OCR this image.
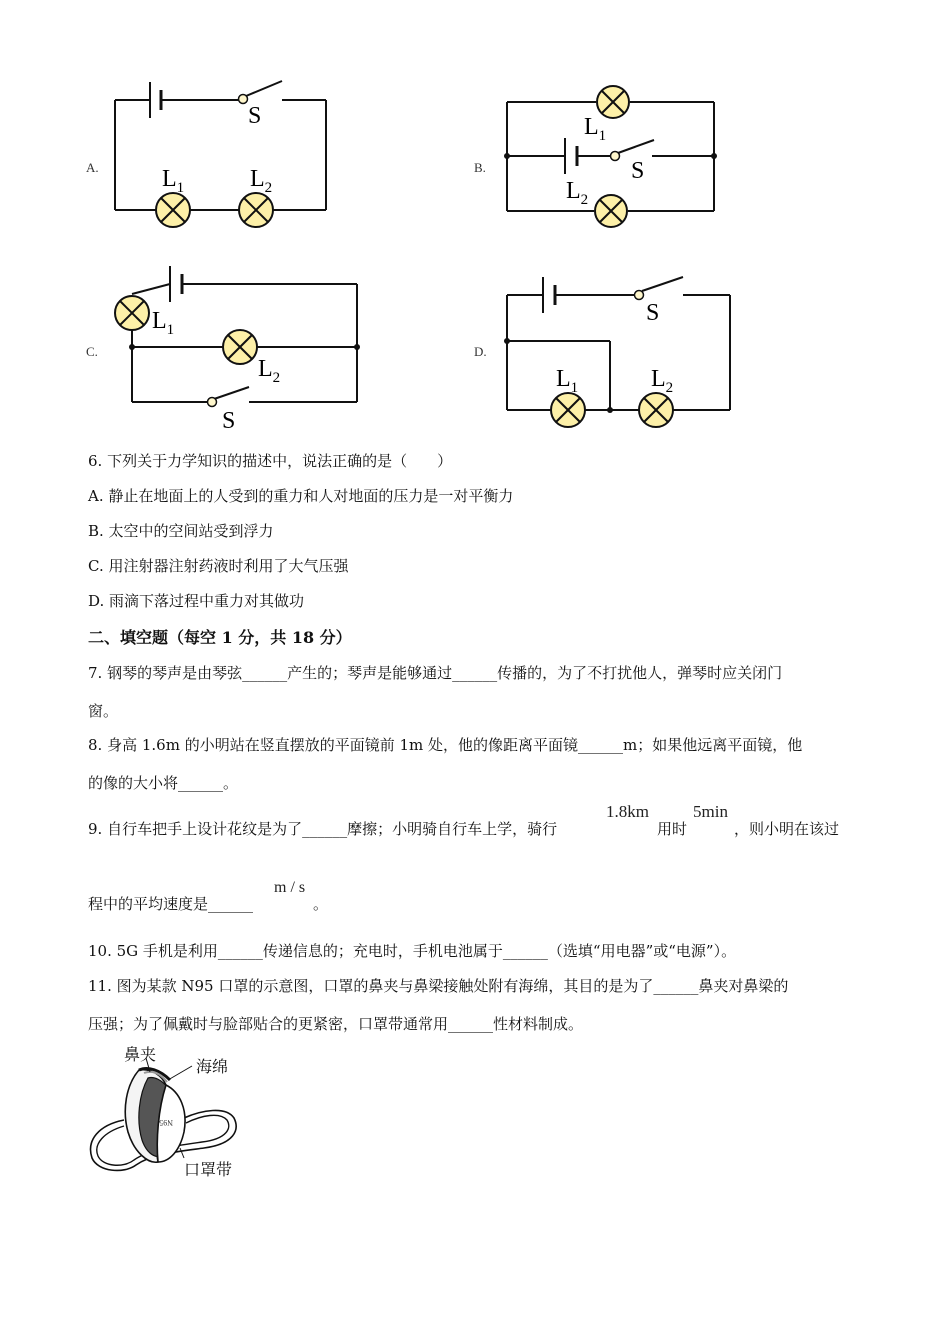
A.
S
$L_1$	$L_2$
B.	S
$L_1$
$L_2$
C.
S
$L_1$
$L_2$
D.
S
$L_1$	$L_2$
6. 下列关于力学知识的描述中，说法正确的是（　　）
A. 静止在地面上的人受到的重力和人对地面的压力是一对平衡力
B. 太空中的空间站受到浮力
C. 用注射器注射药液时利用了大气压强
D. 雨滴下落过程中重力对其做功
二、填空题（每空 1 分，共 18 分）
7. 钢琴的琴声是由琴弦______产生的；琴声是能够通过______传播的，为了不打扰他人，弹琴时应关闭门
窗。
8. 身高 1.6m 的小明站在竖直摆放的平面镜前 1m 处，他的像距离平面镜______m；如果他远离平面镜，他
的像的大小将______。
9. 自行车把手上设计花纹是为了______摩擦；小明骑自行车上学，骑行
1.8km
用时
5min
，则小明在该过
程中的平均速度是______
m / s
。
10. 5G 手机是利用______传递信息的；充电时，手机电池属于______（选填“用电器”或“电源”）。
11. 图为某款 N95 口罩的示意图，口罩的鼻夹与鼻梁接触处附有海绵，其目的是为了______鼻夹对鼻梁的
压强；为了佩戴时与脸部贴合的更紧密，口罩带通常用______性材料制成。
N95
鼻夹
海绵
口罩带
